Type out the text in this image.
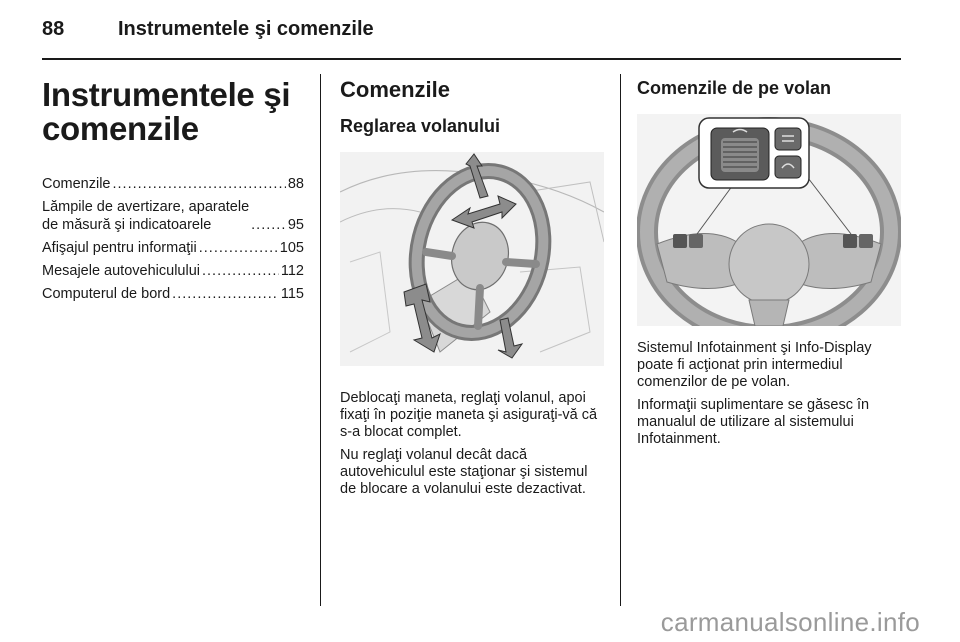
88	Instrumentele şi comenzile
Instrumentele şi comenzile
Comenzile .....	88
Lămpile de avertizare, aparatele
de măsură şi indicatoarele .....	95
Afişajul pentru informaţii .....	105
Mesajele autovehiculului .....	112
Computerul de bord .....	115
Comenzile
Reglarea volanului

Deblocaţi maneta, reglaţi volanul, apoi fixaţi în poziţie maneta şi asiguraţi-vă că s-a blocat complet.

Nu reglaţi volanul decât dacă autovehiculul este staţionar şi sistemul de blocare a volanului este dezactivat.

Comenzile de pe volan

Sistemul Infotainment şi Info-Display poate fi acţionat prin intermediul comenzilor de pe volan.

Informaţii suplimentare se găsesc în manualul de utilizare al sistemului Infotainment.

carmanualsonline.info
